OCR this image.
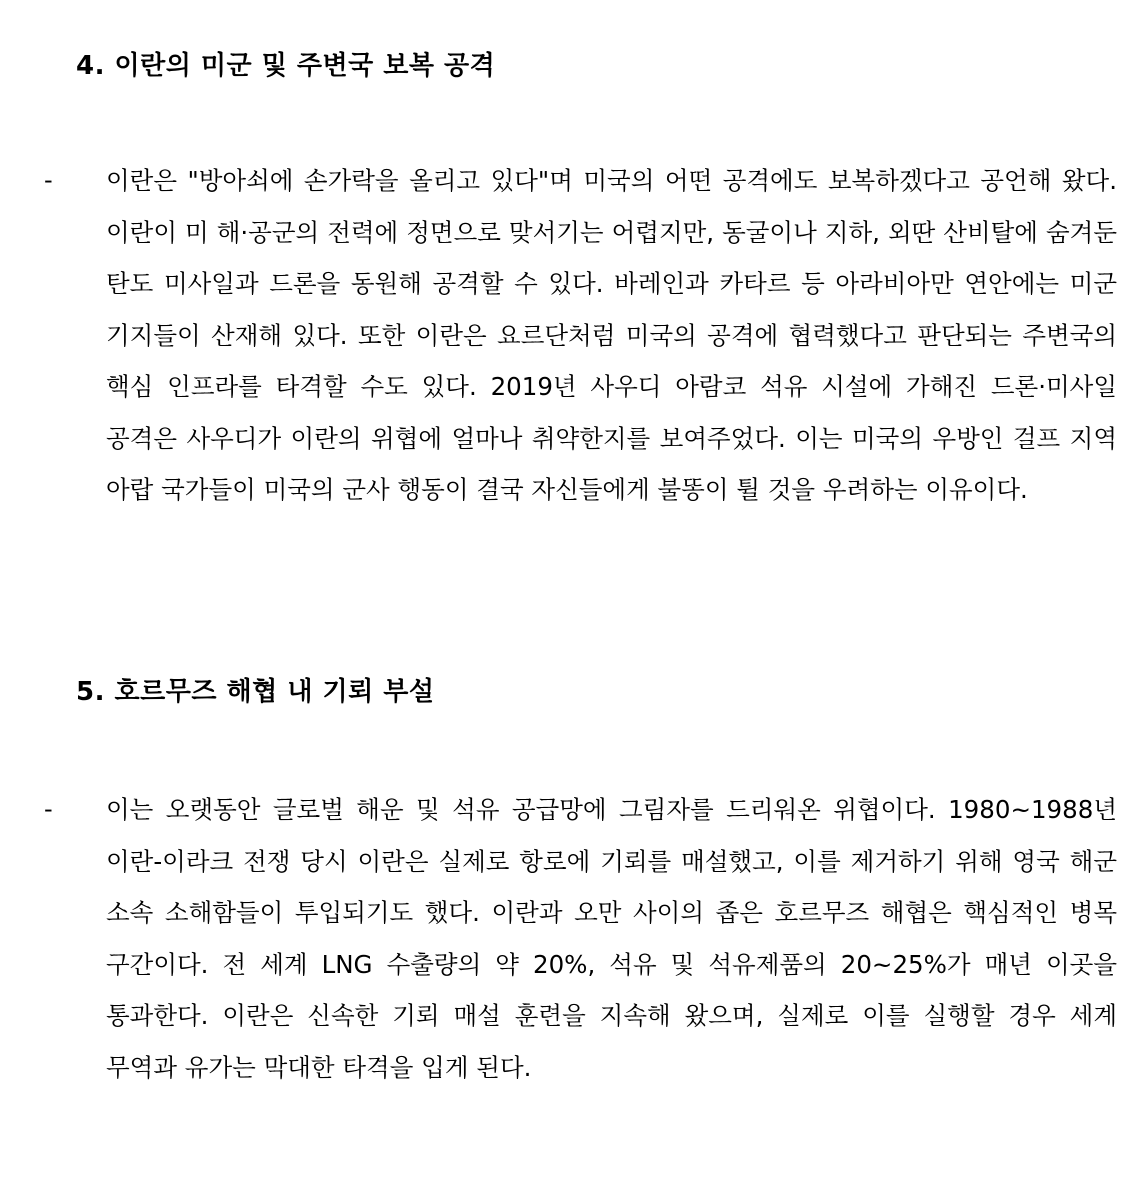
4. 이란의 미군 및 주변국 보복 공격
- 이란은 "방아쇠에 손가락을 올리고 있다"며 미국의 어떤 공격에도 보복하겠다고 공언해 왔다. 이란이 미 해·공군의 전력에 정면으로 맞서기는 어렵지만, 동굴이나 지하, 외딴 산비탈에 숨겨둔 탄도 미사일과 드론을 동원해 공격할 수 있다. 바레인과 카타르 등 아라비아만 연안에는 미군 기지들이 산재해 있다. 또한 이란은 요르단처럼 미국의 공격에 협력했다고 판단되는 주변국의 핵심 인프라를 타격할 수도 있다. 2019년 사우디 아람코 석유 시설에 가해진 드론·미사일 공격은 사우디가 이란의 위협에 얼마나 취약한지를 보여주었다. 이는 미국의 우방인 걸프 지역 아랍 국가들이 미국의 군사 행동이 결국 자신들에게 불똥이 튈 것을 우려하는 이유이다.

5. 호르무즈 해협 내 기뢰 부설
- 이는 오랫동안 글로벌 해운 및 석유 공급망에 그림자를 드리워온 위협이다. 1980~1988년 이란-이라크 전쟁 당시 이란은 실제로 항로에 기뢰를 매설했고, 이를 제거하기 위해 영국 해군 소속 소해함들이 투입되기도 했다. 이란과 오만 사이의 좁은 호르무즈 해협은 핵심적인 병목 구간이다. 전 세계 LNG 수출량의 약 20%, 석유 및 석유제품의 20~25%가 매년 이곳을 통과한다. 이란은 신속한 기뢰 매설 훈련을 지속해 왔으며, 실제로 이를 실행할 경우 세계 무역과 유가는 막대한 타격을 입게 된다.
